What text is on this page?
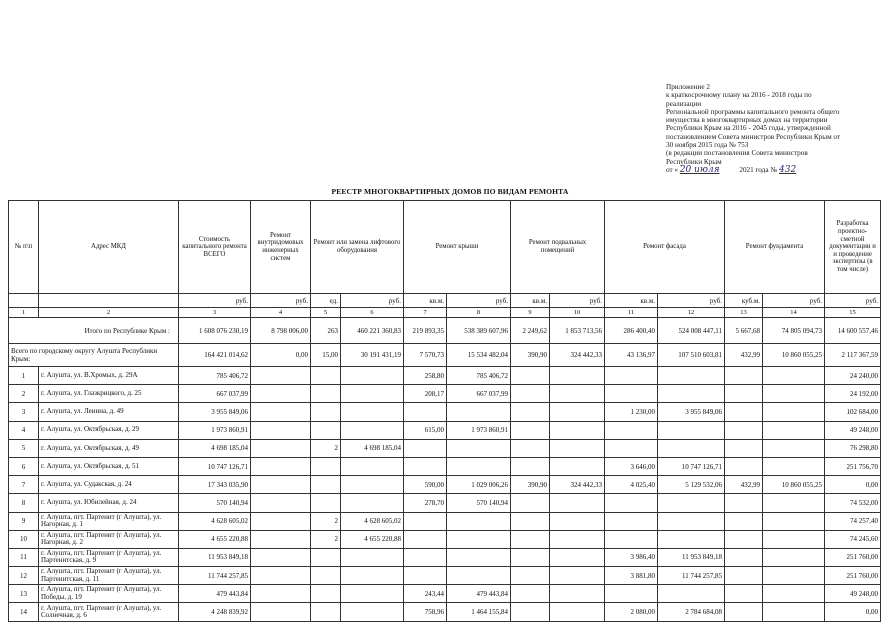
Приложение 2
к краткосрочному плану на 2016 - 2018 годы по
реализации
Региональной программы капитального ремонта общего
имущества в многоквартирных домах на территории
Республики Крым на 2016 - 2045 годы, утвержденной
постановлением Совета министров Республики Крым от
30 ноября 2015 года № 753
(в редакции постановления Совета министров
Республики Крым
от « 20 июля	2021 года № 432
РЕЕСТР МНОГОКВАРТИРНЫХ ДОМОВ ПО ВИДАМ РЕМОНТА
№ п\п	Адрес МКД	Стоимость капитального ремонта ВСЕГО	Ремонт внутридомовых инженерных систем	Ремонт или замена лифтового оборудования		Ремонт крыши		Ремонт подвальных помещений		Ремонт фасада		Ремонт фундамента		Разработка проектно-сметной документации и и проведение экспертизы (в том числе)
		руб.	руб.	ед.	руб.	кв.м.	руб.	кв.м.	руб.	кв.м.	руб.	куб.м.	руб.	руб.
1	2	3	4	5	6	7	8	9	10	11	12	13	14	15
Итого по Республике Крым :		1 608 076 230,19	8 798 006,00	263	460 221 360,83	219 893,35	538 389 607,96	2 249,62	1 853 713,56	286 400,40	524 008 447,11	5 667,68	74 805 094,73	14 600 557,46
Всего по городскому округу Алушта Республики Крым:		164 421 014,62	0,00	15,00	30 191 431,19	7 570,73	15 534 482,04	390,90	324 442,33	43 136,97	107 510 603,81	432,99	10 860 055,25	2 117 367,59
1	г. Алушта, ул. В.Хромых, д. 29А	785 406,72				258,80	785 406,72							24 240,00
2	г. Алушта, ул. Глазкрицкого, д. 25	667 037,99				208,17	667 037,99							24 192,00
3	г. Алушта, ул. Ленина, д. 49	3 955 849,06								1 230,00	3 955 849,06			102 684,00
4	г. Алушта, ул. Октябрьская, д. 29	1 973 860,91				615,00	1 973 860,91							49 248,00
5	г. Алушта, ул. Октябрьская, д. 49	4 698 185,04		2	4 698 185,04									76 298,80
6	г. Алушта, ул. Октябрьская, д. 51	10 747 126,71								3 646,00	10 747 126,71			251 756,70
7	г. Алушта, ул. Судакская, д. 24	17 343 035,90				590,00	1 029 006,26	390,90	324 442,33	4 025,40	5 129 532,06	432,99	10 860 055,25	0,00
8	г. Алушта, ул. Юбилейная, д. 24	570 140,94				278,70	570 140,94							74 532,00
9	г. Алушта, пгт. Партенит (г Алушта), ул. Нагорная, д. 1	4 628 605,02		2	4 628 605,02									74 257,40
10	г. Алушта, пгт. Партенит (г Алушта), ул. Нагорная, д. 2	4 655 220,88		2	4 655 220,88									74 245,60
11	г. Алушта, пгт. Партенит (г Алушта), ул. Партенитская, д. 9	11 953 849,18								3 986,40	11 953 849,18			251 760,00
12	г. Алушта, пгт. Партенит (г Алушта), ул. Партенитская, д. 11	11 744 257,85								3 881,80	11 744 257,85			251 760,00
13	г. Алушта, пгт. Партенит (г Алушта), ул. Победы, д. 19	479 443,84				243,44	479 443,84							49 248,00
14	г. Алушта, пгт. Партенит (г Алушта), ул. Солнечная, д. 6	4 248 839,92				758,96	1 464 155,84			2 080,00	2 784 684,08			0,00
